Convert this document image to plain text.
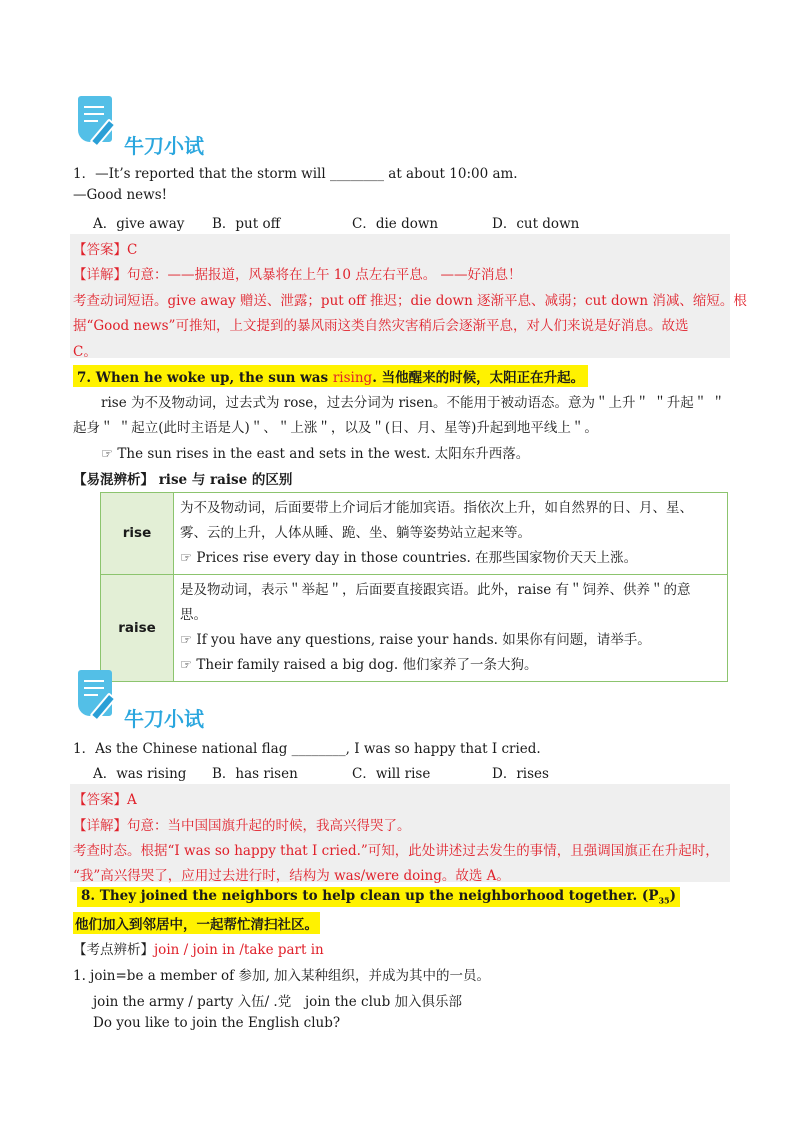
牛刀小试
1．—It’s reported that the storm will ________ at about 10:00 am.
—Good news!
A．give away B．put off	C．die down	D．cut down
【答案】C
【详解】句意：——据报道，风暴将在上午 10 点左右平息。 ——好消息！
考查动词短语。give away 赠送、泄露；put off 推迟；die down 逐渐平息、减弱；cut down 消减、缩短。根
据“Good news”可推知，上文提到的暴风雨这类自然灾害稍后会逐渐平息，对人们来说是好消息。故选
C。
7. When he woke up, the sun was rising. 当他醒来的时候，太阳正在升起。
rise 为不及物动词，过去式为 rose，过去分词为 risen。不能用于被动语态。意为＂上升＂ ＂升起＂ ＂
起身＂ ＂起立(此时主语是人)＂、＂上涨＂，以及＂(日、月、星等)升起到地平线上＂。
☞ The sun rises in the east and sets in the west. 太阳东升西落。
【易混辨析】 rise 与 raise 的区别
rise	为不及物动词，后面要带上介词后才能加宾语。指依次上升，如自然界的日、月、星、
雾、云的上升，人体从睡、跪、坐、躺等姿势站立起来等。
☞ Prices rise every day in those countries. 在那些国家物价天天上涨。

raise	是及物动词，表示＂举起＂，后面要直接跟宾语。此外，raise 有＂饲养、供养＂的意
思。
☞ If you have any questions, raise your hands. 如果你有问题，请举手。
☞ Their family raised a big dog. 他们家养了一条大狗。
牛刀小试
1．As the Chinese national flag ________, I was so happy that I cried.
A．was rising B．has risen	C．will rise	D．rises
【答案】A
【详解】句意：当中国国旗升起的时候，我高兴得哭了。
考查时态。根据“I was so happy that I cried.”可知，此处讲述过去发生的事情，且强调国旗正在升起时，
“我”高兴得哭了，应用过去进行时，结构为 was/were doing。故选 A。
8. They joined the neighbors to help clean up the neighborhood together. $(P_{35})$
他们加入到邻居中，一起帮忙清扫社区。
【考点辨析】join / join in /take part in
1. join=be a member of 参加, 加入某种组织，并成为其中的一员。
join the army / party 入伍/ .党 join the club 加入俱乐部
Do you like to join the English club?
